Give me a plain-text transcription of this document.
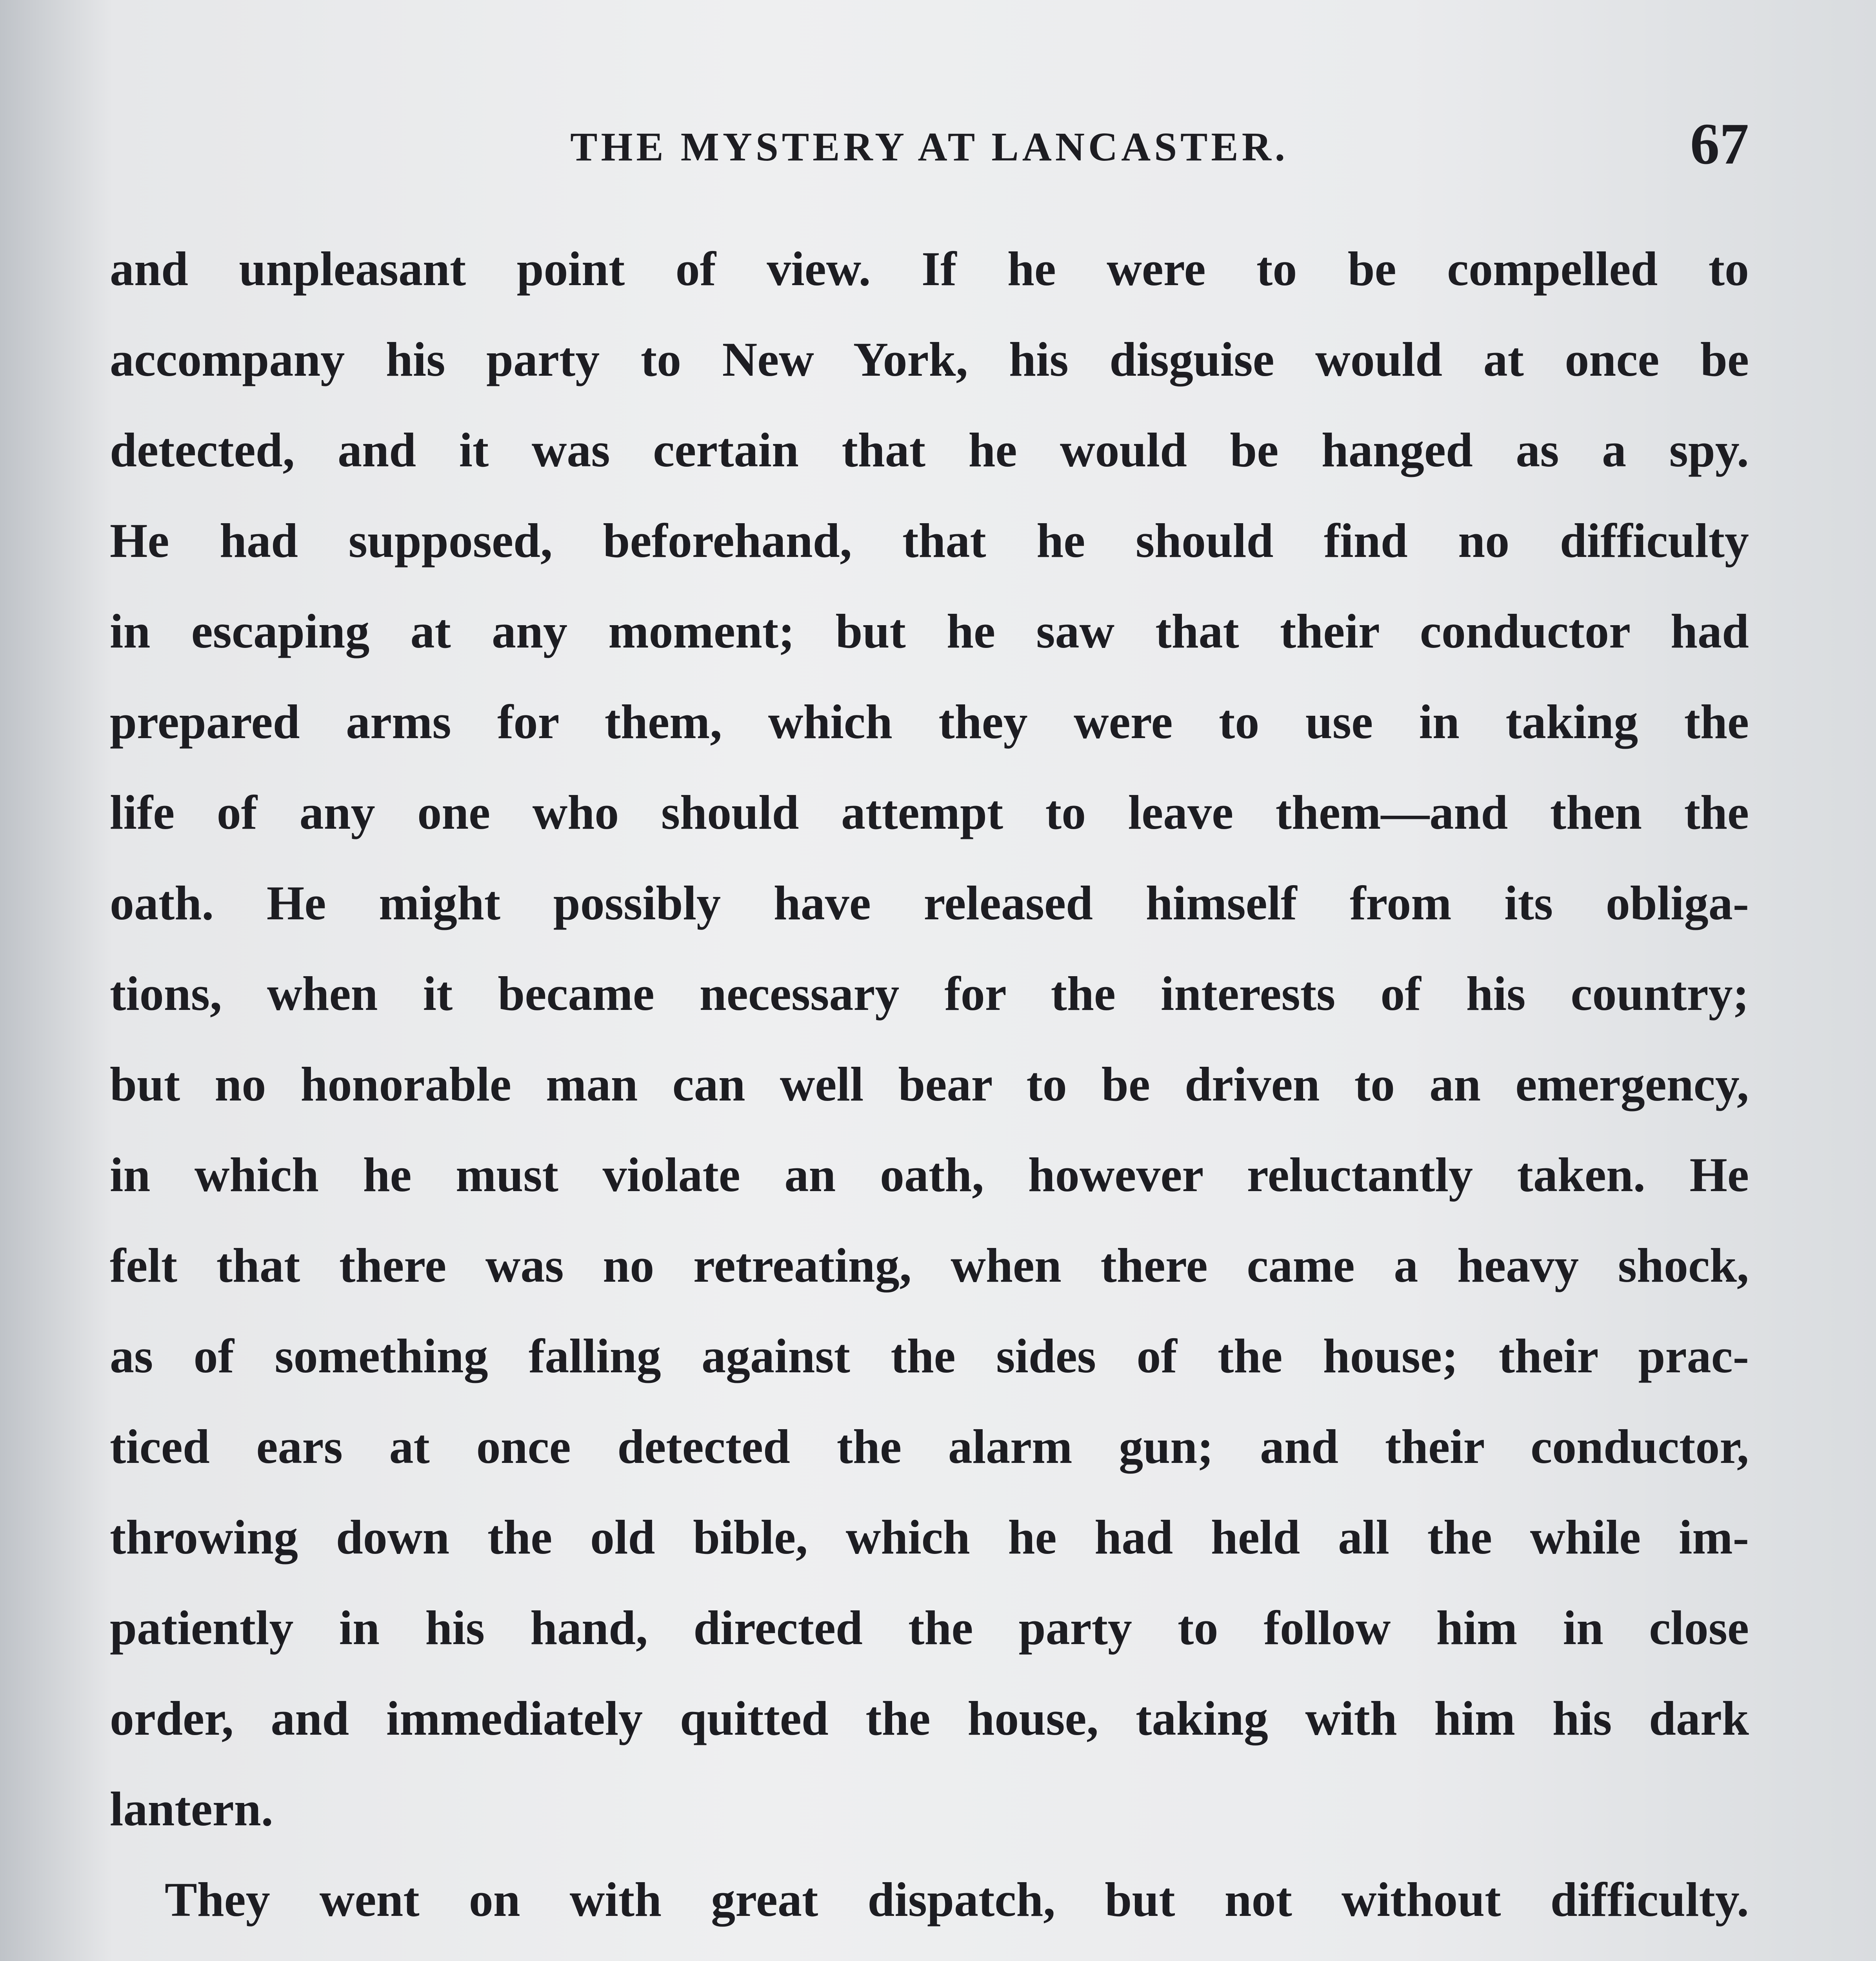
THE MYSTERY AT LANCASTER.	67
and unpleasant point of view. If he were to be compelled to
accompany his party to New York, his disguise would at once be
detected, and it was certain that he would be hanged as a spy.
He had supposed, beforehand, that he should find no difficulty
in escaping at any moment; but he saw that their conductor had
prepared arms for them, which they were to use in taking the
life of any one who should attempt to leave them—and then the
oath. He might possibly have released himself from its obliga-
tions, when it became necessary for the interests of his country;
but no honorable man can well bear to be driven to an emergency,
in which he must violate an oath, however reluctantly taken. He
felt that there was no retreating, when there came a heavy shock,
as of something falling against the sides of the house; their prac-
ticed ears at once detected the alarm gun; and their conductor,
throwing down the old bible, which he had held all the while im-
patiently in his hand, directed the party to follow him in close
order, and immediately quitted the house, taking with him his dark
lantern.
They went on with great dispatch, but not without difficulty.
